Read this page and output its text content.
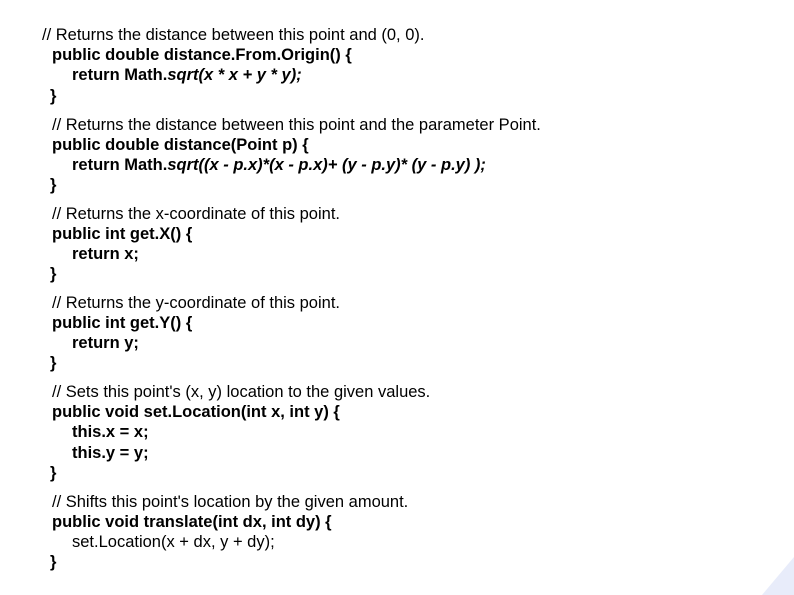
// Returns the distance between this point and (0, 0).
public double distance.From.Origin() {
return Math.sqrt(x * x + y * y);
}
// Returns the distance between this point and the parameter Point.
public double distance(Point p) {
return Math.sqrt((x - p.x)*(x - p.x)+ (y - p.y)* (y - p.y) );
}
// Returns the x-coordinate of this point.
public int get.X() {
return x;
}
// Returns the y-coordinate of this point.
public int get.Y() {
return y;
}
// Sets this point's (x, y) location to the given values.
public void set.Location(int x, int y) {
this.x = x;
this.y = y;
}
// Shifts this point's location by the given amount.
public void translate(int dx, int dy) {
set.Location(x + dx, y + dy);
}
